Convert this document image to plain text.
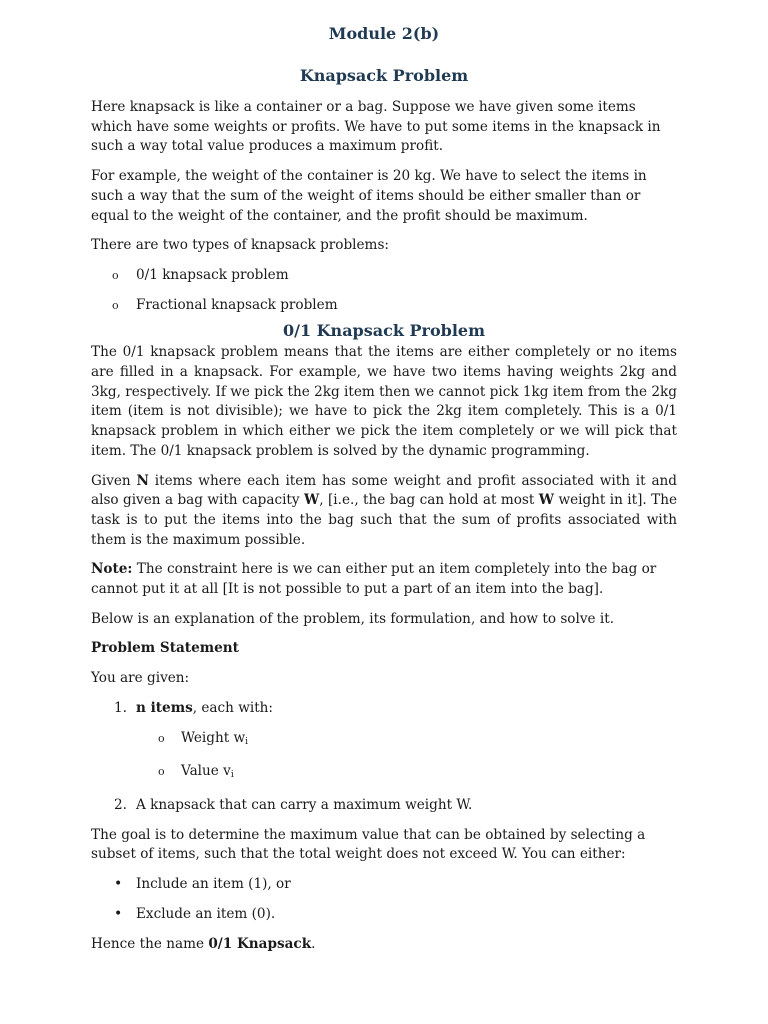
Module 2(b)
Knapsack Problem

Here knapsack is like a container or a bag. Suppose we have given some items which have some weights or profits. We have to put some items in the knapsack in such a way total value produces a maximum profit.

For example, the weight of the container is 20 kg. We have to select the items in such a way that the sum of the weight of items should be either smaller than or equal to the weight of the container, and the profit should be maximum.

There are two types of knapsack problems:

o 0/1 knapsack problem
o Fractional knapsack problem
0/1 Knapsack Problem

The 0/1 knapsack problem means that the items are either completely or no items are filled in a knapsack. For example, we have two items having weights 2kg and 3kg, respectively. If we pick the 2kg item then we cannot pick 1kg item from the 2kg item (item is not divisible); we have to pick the 2kg item completely. This is a 0/1 knapsack problem in which either we pick the item completely or we will pick that item. The 0/1 knapsack problem is solved by the dynamic programming.

Given N items where each item has some weight and profit associated with it and also given a bag with capacity W, [i.e., the bag can hold at most W weight in it]. The task is to put the items into the bag such that the sum of profits associated with them is the maximum possible.

Note: The constraint here is we can either put an item completely into the bag or cannot put it at all [It is not possible to put a part of an item into the bag].

Below is an explanation of the problem, its formulation, and how to solve it.

Problem Statement

You are given:

1. n items, each with:
o Weight $w_i$
o Value $v_i$
2. A knapsack that can carry a maximum weight W.

The goal is to determine the maximum value that can be obtained by selecting a subset of items, such that the total weight does not exceed W. You can either:

• Include an item (1), or
• Exclude an item (0).

Hence the name 0/1 Knapsack.
